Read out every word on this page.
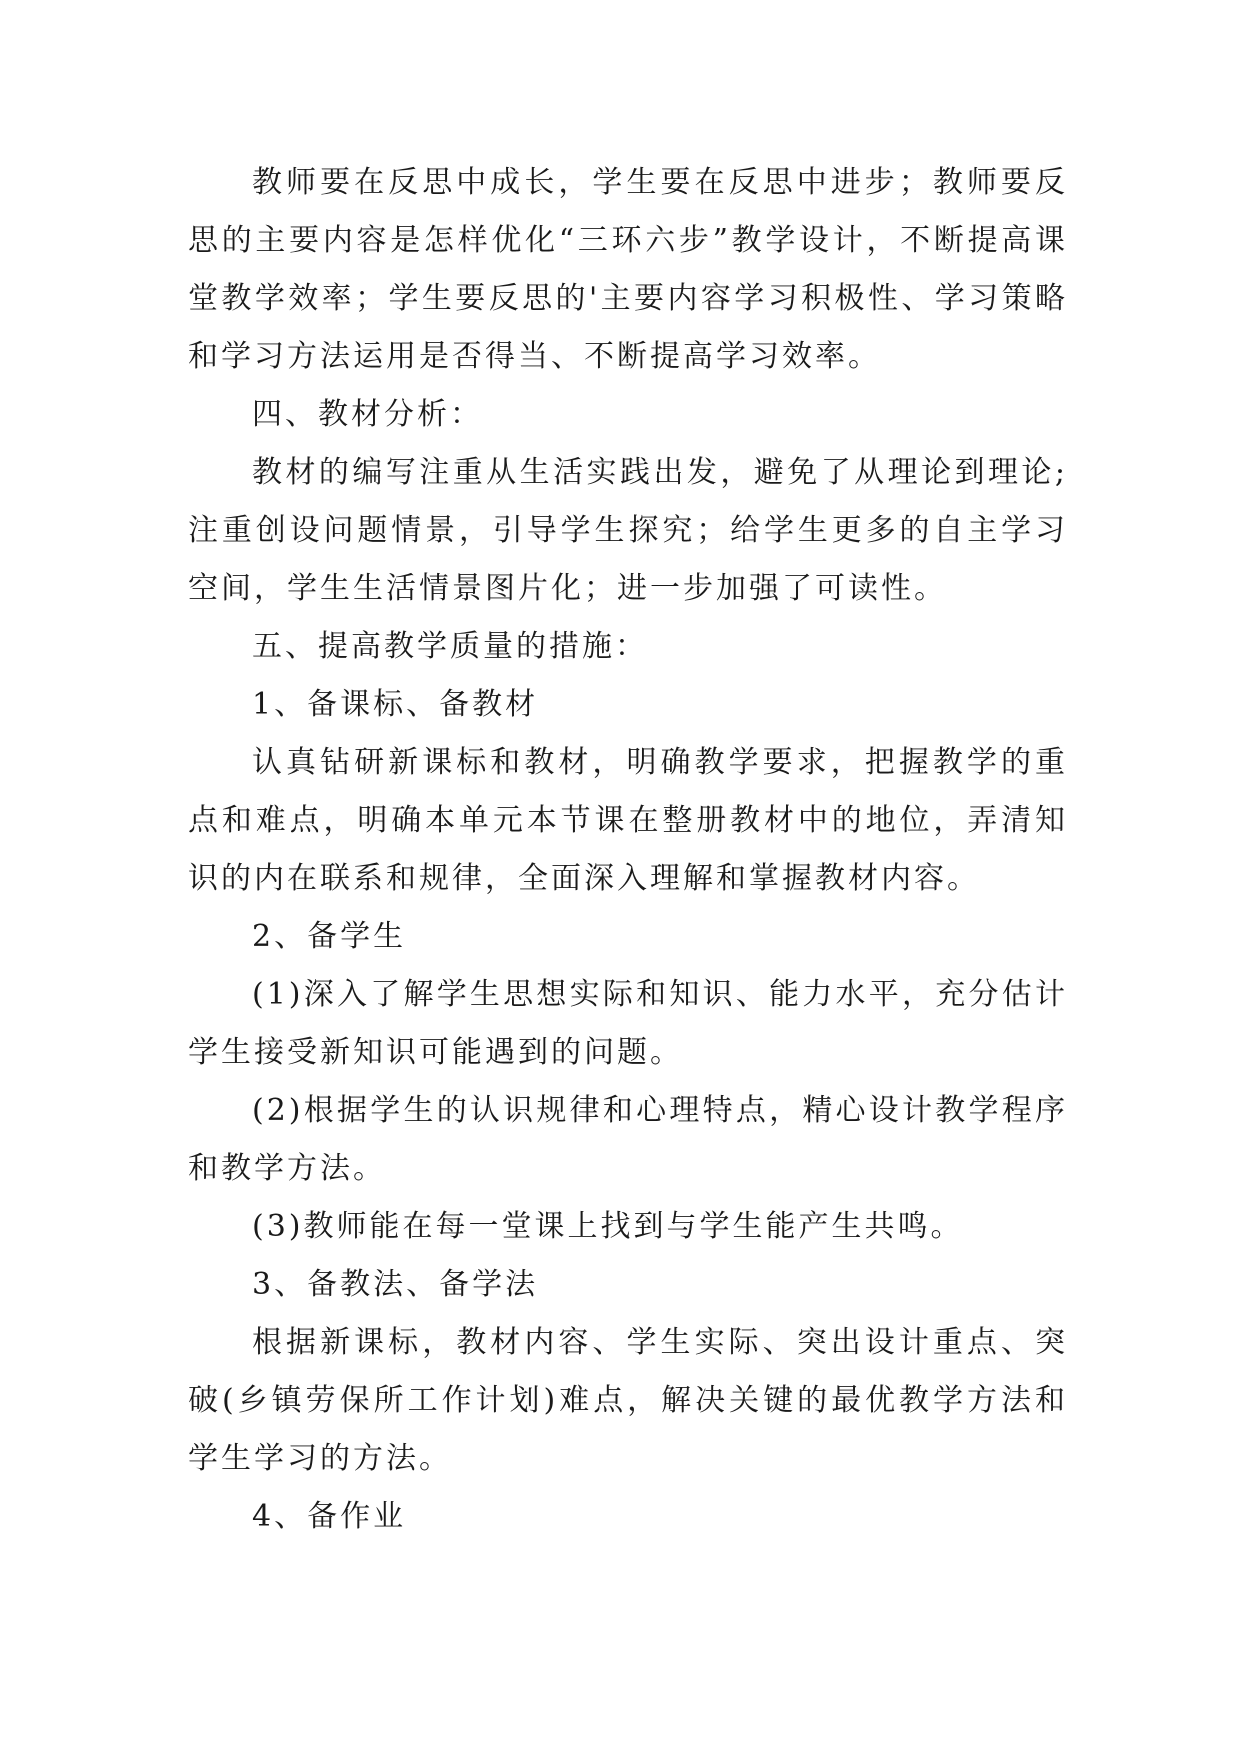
教师要在反思中成长，学生要在反思中进步；教师要反思的主要内容是怎样优化“三环六步”教学设计，不断提高课堂教学效率；学生要反思的'主要内容学习积极性、学习策略和学习方法运用是否得当、不断提高学习效率。

四、教材分析：

教材的编写注重从生活实践出发，避免了从理论到理论;注重创设问题情景，引导学生探究；给学生更多的自主学习空间，学生生活情景图片化；进一步加强了可读性。

五、提高教学质量的措施：

1、备课标、备教材

认真钻研新课标和教材，明确教学要求，把握教学的重点和难点，明确本单元本节课在整册教材中的地位，弄清知识的内在联系和规律，全面深入理解和掌握教材内容。

2、备学生

(1)深入了解学生思想实际和知识、能力水平，充分估计学生接受新知识可能遇到的问题。

(2)根据学生的认识规律和心理特点，精心设计教学程序和教学方法。

(3)教师能在每一堂课上找到与学生能产生共鸣。

3、备教法、备学法

根据新课标，教材内容、学生实际、突出设计重点、突破(乡镇劳保所工作计划)难点，解决关键的最优教学方法和学生学习的方法。

4、备作业
